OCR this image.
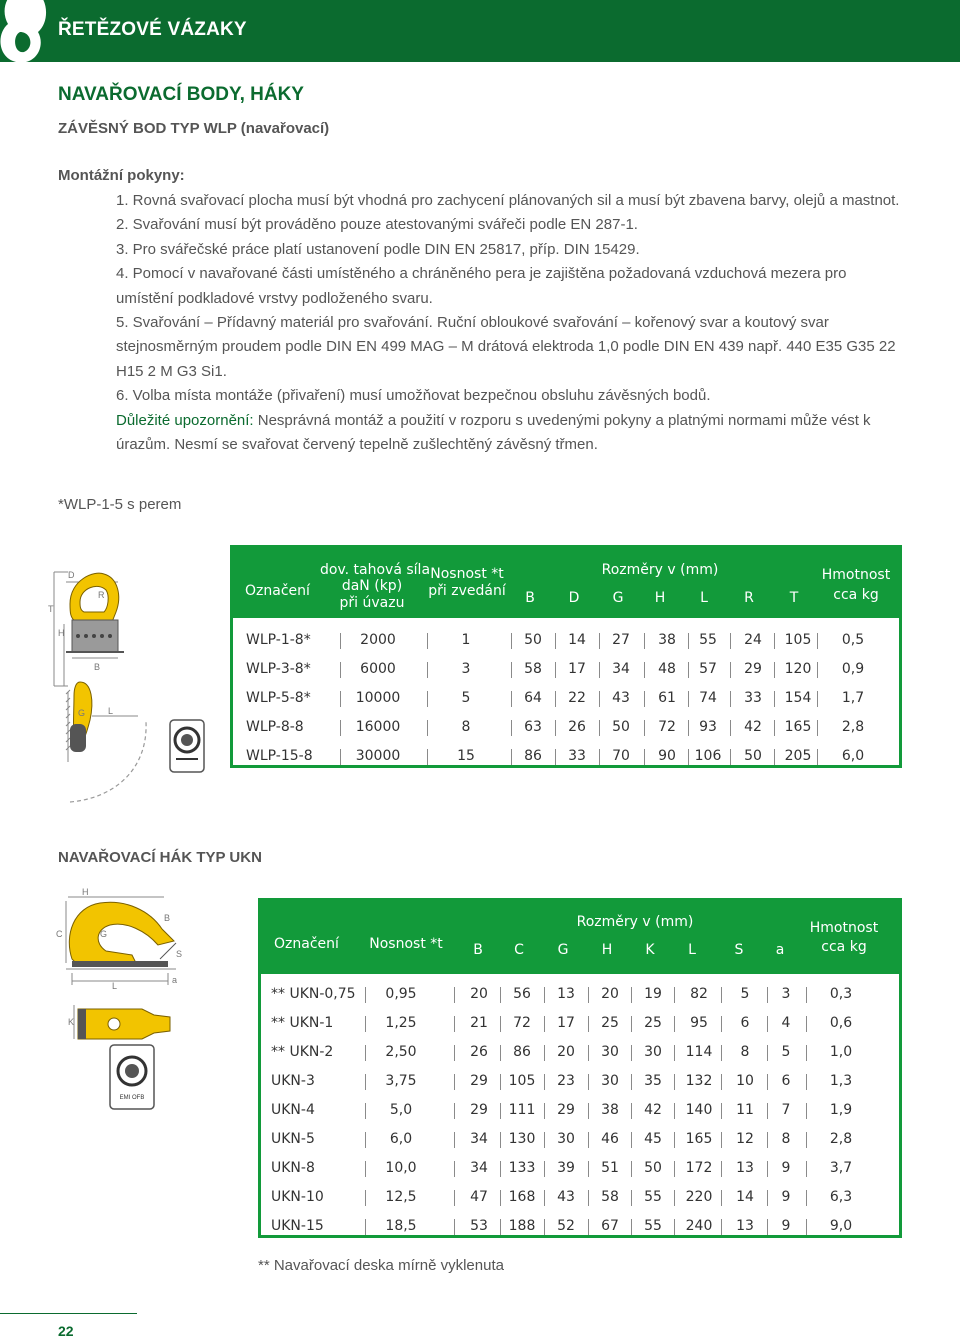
ŘETĚZOVÉ VÁZAKY
NAVAŘOVACÍ BODY, HÁKY
ZÁVĚSNÝ BOD TYP WLP (navařovací)
Montážní pokyny:

1. Rovná svařovací plocha musí být vhodná pro zachycení plánovaných sil a musí být zbavena barvy, olejů a mastnot.

2. Svařování musí být prováděno pouze atestovanými svářeči podle EN 287-1.

3. Pro svářečské práce platí ustanovení podle DIN EN 25817, příp. DIN 15429.

4. Pomocí v navařované části umístěného a chráněného pera je zajištěna požadovaná vzduchová mezera pro umístění podkladové vrstvy podloženého svaru.

5. Svařování – Přídavný materiál pro svařování. Ruční obloukové svařování – kořenový svar a koutový svar stejnosměrným proudem podle DIN EN 499 MAG – M drátová elektroda 1,0 podle DIN EN 439 např. 440 E35 G35 22 H15 2 M G3 Si1.

6. Volba místa montáže (přivaření) musí umožňovat bezpečnou obsluhu závěsných bodů.

Důležité upozornění: Nesprávná montáž a použití v rozporu s uvedenými pokyny a platnými normami může vést k úrazům. Nesmí se svařovat červený tepelně zušlechtěný závěsný třmen.

*WLP-1-5 s perem
T
H
D
R
B
G	L
Označení
dov. tahová síla
daN (kp)
při úvazu
Nosnost *t
při zvedání
Rozměry v (mm)
B D G H L	R	T
Hmotnost
cca kg
WLP-1-8*	2000	1	50	14	27	38	55	24	105	0,5
WLP-3-8*	6000	3	58	17	34	48	57	29	120	0,9
WLP-5-8*	10000	5	64	22	43	61	74	33	154	1,7
WLP-8-8	16000	8	63	26	50	72	93	42	165	2,8
WLP-15-8	30000	15	86	33	70	90	106	50	205	6,0
NAVAŘOVACÍ HÁK TYP UKN
H
C	G
B
S
L
a
K
EMI OFB
Označení	Nosnost *t
Rozměry v (mm)
B C G H K L	S a
Hmotnost
cca kg
** UKN-0,75	0,95	20	56	13	20	19	82	5	3	0,3
** UKN-1	1,25	21	72	17	25	25	95	6	4	0,6
** UKN-2	2,50	26	86	20	30	30	114	8	5	1,0
UKN-3	3,75	29	105	23	30	35	132	10	6	1,3
UKN-4	5,0	29	111	29	38	42	140	11	7	1,9
UKN-5	6,0	34	130	30	46	45	165	12	8	2,8
UKN-8	10,0	34	133	39	51	50	172	13	9	3,7
UKN-10	12,5	47	168	43	58	55	220	14	9	6,3
UKN-15	18,5	53	188	52	67	55	240	13	9	9,0
** Navařovací deska mírně vyklenuta
22
